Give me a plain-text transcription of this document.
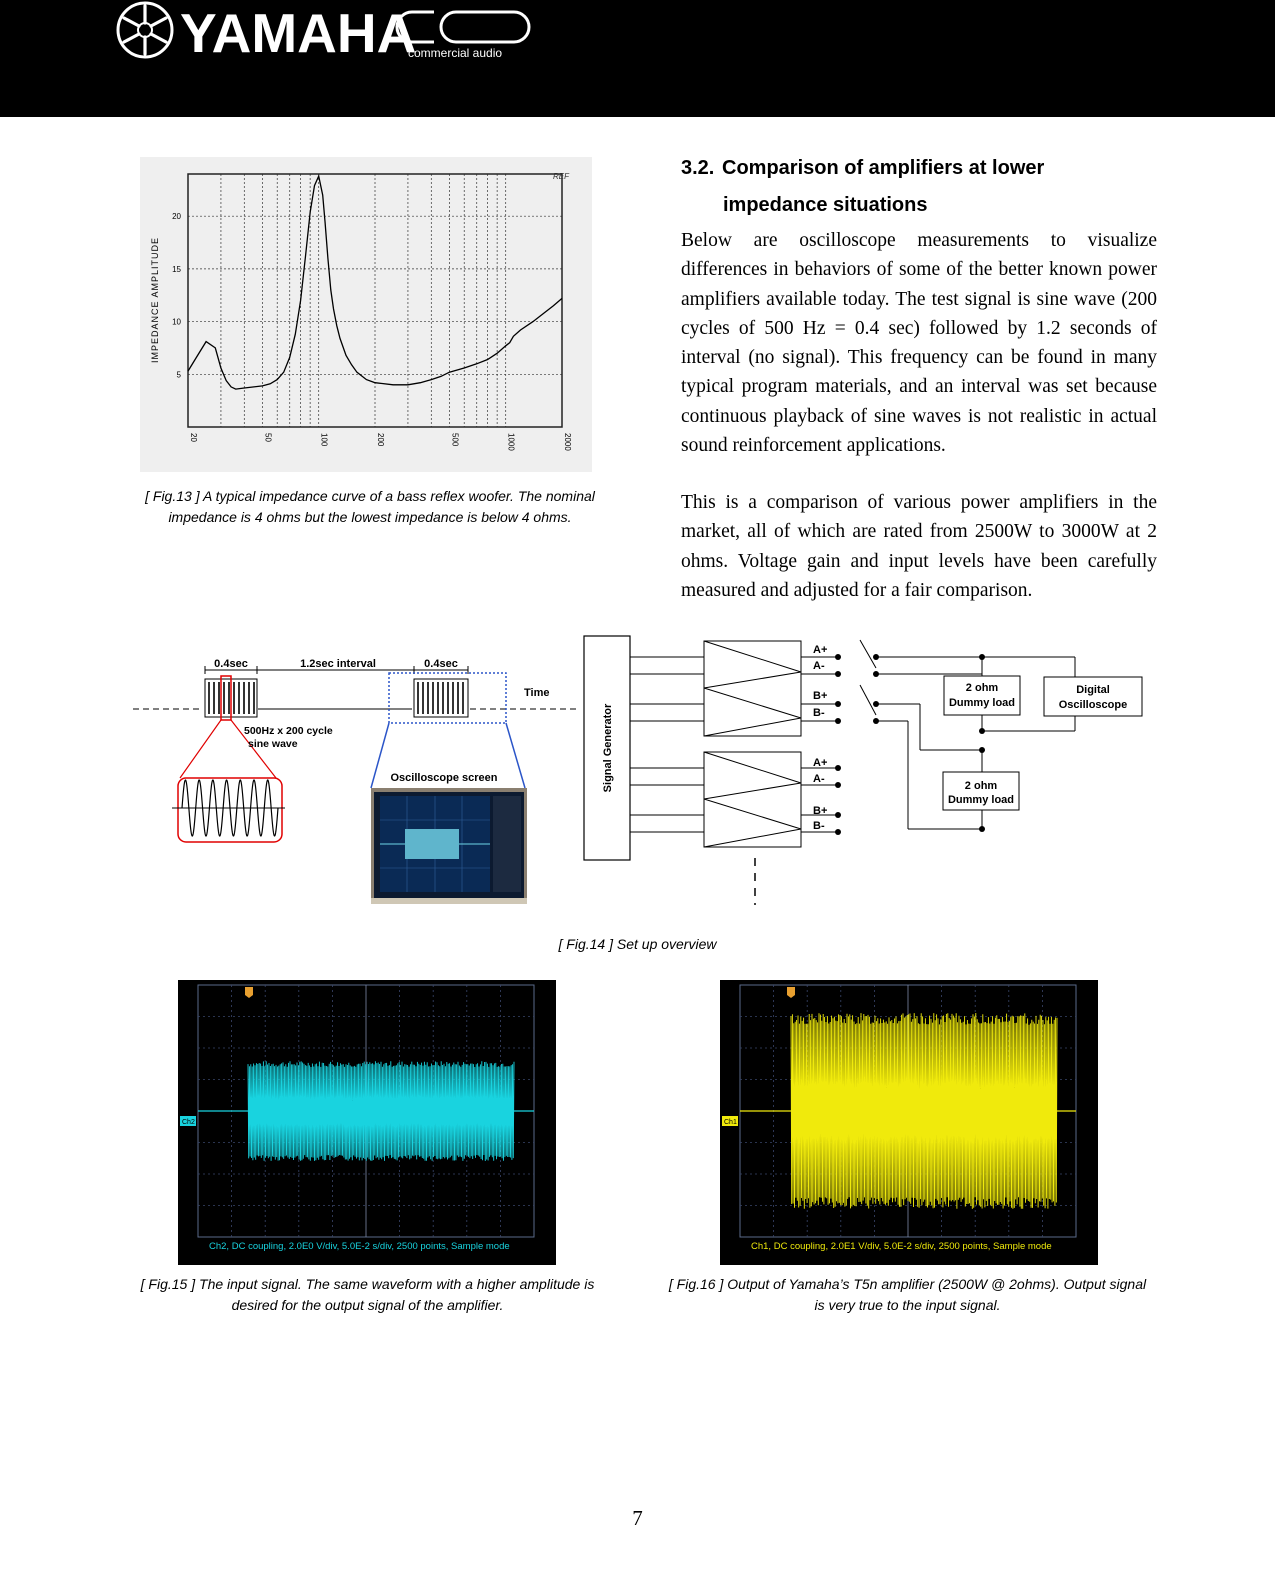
YAMAHA
commercial audio
20	50	100	200	500	1000	2000
5
10
15
20
IMPEDANCE AMPLITUDE
REF
[ Fig.13 ] A typical impedance curve of a bass reflex woofer. The nominal impedance is 4 ohms but the lowest impedance is below 4 ohms.
3.2. Comparison of amplifiers at lower
impedance situations
Below are oscilloscope measurements to visualize differences in behaviors of some of the better known power amplifiers available today. The test signal is sine wave (200 cycles of 500 Hz = 0.4 sec) followed by 1.2 seconds of interval (no signal). This frequency can be found in many typical program materials, and an interval was set because continuous playback of sine waves is not realistic in actual sound reinforcement applications.
This is a comparison of various power amplifiers in the market, all of which are rated from 2500W to 3000W at 2 ohms. Voltage gain and input levels have been carefully measured and adjusted for a fair comparison.
0.4sec	1.2sec interval	0.4sec
Time
500Hz x 200 cycle
sine wave
Oscilloscope screen	Signal Generator
A+
A-
B+
B-
A+
A-
B+
B-
2 ohm
Dummy load
Digital
Oscilloscope
2 ohm
Dummy load
[ Fig.14 ] Set up overview
Ch2
Ch2, DC coupling, 2.0E0 V/div, 5.0E-2 s/div, 2500 points, Sample mode
[ Fig.15 ] The input signal. The same waveform with a higher amplitude is
desired for the output signal of the amplifier.
Ch1
Ch1, DC coupling, 2.0E1 V/div, 5.0E-2 s/div, 2500 points, Sample mode
[ Fig.16 ] Output of Yamaha’s T5n amplifier (2500W @ 2ohms). Output signal
is very true to the input signal.
7
